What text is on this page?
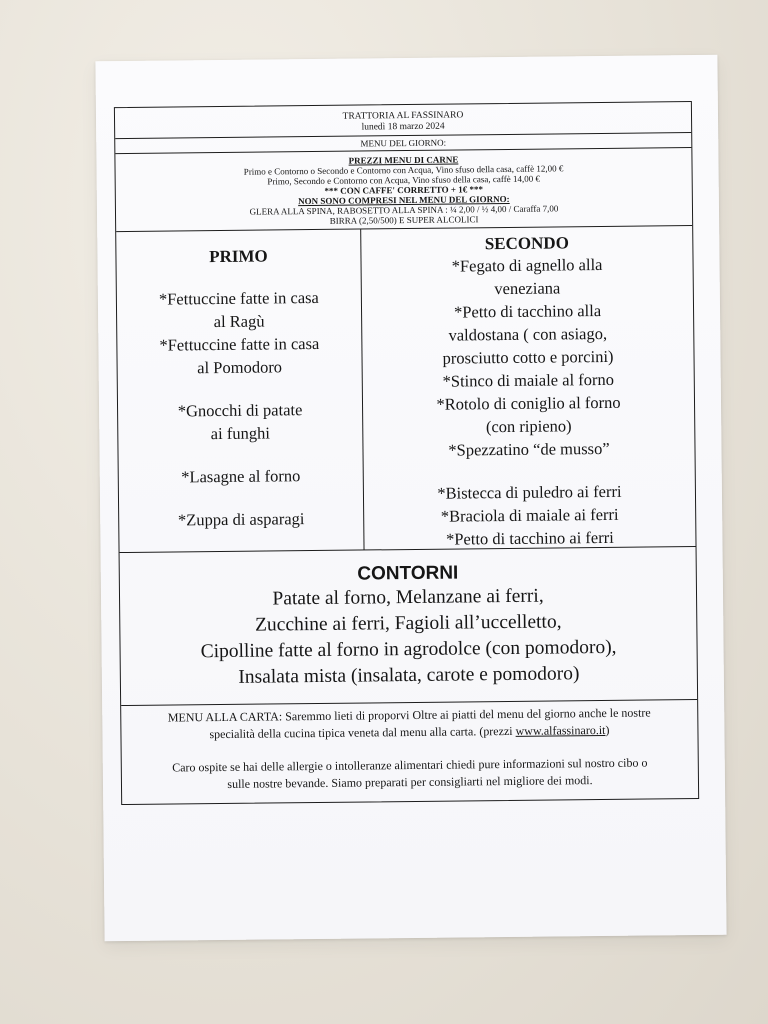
TRATTORIA AL FASSINARO
lunedì 18 marzo 2024
MENU DEL GIORNO:
PREZZI MENU DI CARNE
Primo e Contorno o Secondo e Contorno con Acqua, Vino sfuso della casa, caffè 12,00 €
Primo, Secondo e Contorno con Acqua, Vino sfuso della casa, caffè 14,00 €
*** CON CAFFE' CORRETTO + 1€ ***
NON SONO COMPRESI NEL MENU DEL GIORNO:
GLERA ALLA SPINA, RABOSETTO ALLA SPINA : ¼ 2,00 / ½ 4,00 / Caraffa 7,00
BIRRA (2,50/500) E SUPER ALCOLICI
PRIMO
*Fettuccine fatte in casa
al Ragù
*Fettuccine fatte in casa
al Pomodoro
*Gnocchi di patate
ai funghi
*Lasagne al forno
*Zuppa di asparagi
SECONDO
*Fegato di agnello alla
veneziana
*Petto di tacchino alla
valdostana ( con asiago,
prosciutto cotto e porcini)
*Stinco di maiale al forno
*Rotolo di coniglio al forno
(con ripieno)
*Spezzatino “de musso”
*Bistecca di puledro ai ferri
*Braciola di maiale ai ferri
*Petto di tacchino ai ferri
CONTORNI
Patate al forno, Melanzane ai ferri,
Zucchine ai ferri, Fagioli all’uccelletto,
Cipolline fatte al forno in agrodolce (con pomodoro),
Insalata mista (insalata, carote e pomodoro)
MENU ALLA CARTA: Saremmo lieti di proporvi Oltre ai piatti del menu del giorno anche le nostre
specialità della cucina tipica veneta dal menu alla carta. (prezzi www.alfassinaro.it)
Caro ospite se hai delle allergie o intolleranze alimentari chiedi pure informazioni sul nostro cibo o
sulle nostre bevande. Siamo preparati per consigliarti nel migliore dei modi.
